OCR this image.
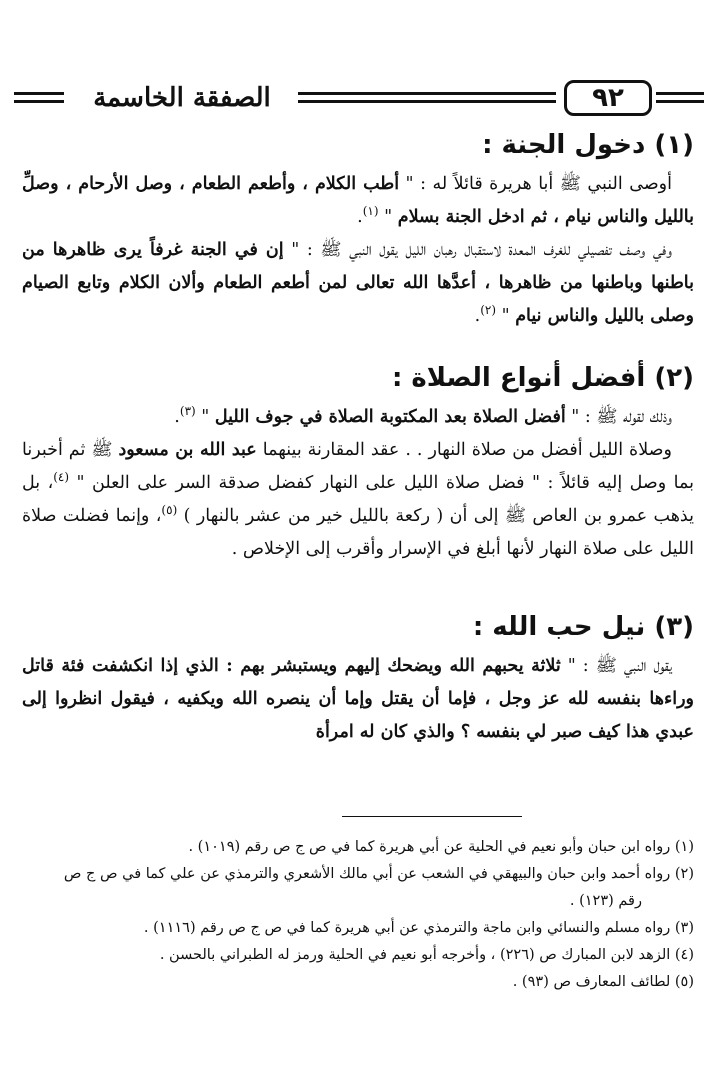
٩٢
الصفقة الخاسمة
(١) دخول الجنة :
أوصى النبي ﷺ أبا هريرة قائلاً له : " أطب الكلام ، وأطعم الطعام ، وصل الأرحام ، وصلِّ بالليل والناس نيام ، ثم ادخل الجنة بسلام " $^{(١)}$.
وفي وصف تفصيلي للغرف المعدة لاستقبال رهبان الليل يقول النبي ﷺ : " إن في الجنة غرفاً يرى ظاهرها من باطنها وباطنها من ظاهرها ، أعدَّها الله تعالى لمن أطعم الطعام وألان الكلام وتابع الصيام وصلى بالليل والناس نيام " $^{(٢)}$.
(٢) أفضل أنواع الصلاة :
وذلك لقوله ﷺ : " أفضل الصلاة بعد المكتوبة الصلاة في جوف الليل " $^{(٣)}$.
وصلاة الليل أفضل من صلاة النهار . . عقد المقارنة بينهما عبد الله بن مسعود ﷺ ثم أخبرنا بما وصل إليه قائلاً : " فضل صلاة الليل على النهار كفضل صدقة السر على العلن " $^{(٤)}$، بل يذهب عمرو بن العاص ﷺ إلى أن ( ركعة بالليل خير من عشر بالنهار ) $^{(٥)}$، وإنما فضلت صلاة الليل على صلاة النهار لأنها أبلغ في الإسرار وأقرب إلى الإخلاص .
(٣) نيل حب الله :
يقول النبي ﷺ : " ثلاثة يحبهم الله ويضحك إليهم ويستبشر بهم : الذي إذا انكشفت فئة قاتل وراءها بنفسه لله عز وجل ، فإما أن يقتل وإما أن ينصره الله ويكفيه ، فيقول انظروا إلى عبدي هذا كيف صبر لي بنفسه ؟ والذي كان له امرأة
(١) رواه ابن حبان وأبو نعيم في الحلية عن أبي هريرة كما في ص ج ص رقم (١٠١٩) .
(٢) رواه أحمد وابن حبان والبيهقي في الشعب عن أبي مالك الأشعري والترمذي عن علي كما في ص ج ص
رقم (١٢٣) .
(٣) رواه مسلم والنسائي وابن ماجة والترمذي عن أبي هريرة كما في ص ج ص رقم (١١١٦) .
(٤) الزهد لابن المبارك ص (٢٢٦) ، وأخرجه أبو نعيم في الحلية ورمز له الطبراني بالحسن .
(٥) لطائف المعارف ص (٩٣) .
